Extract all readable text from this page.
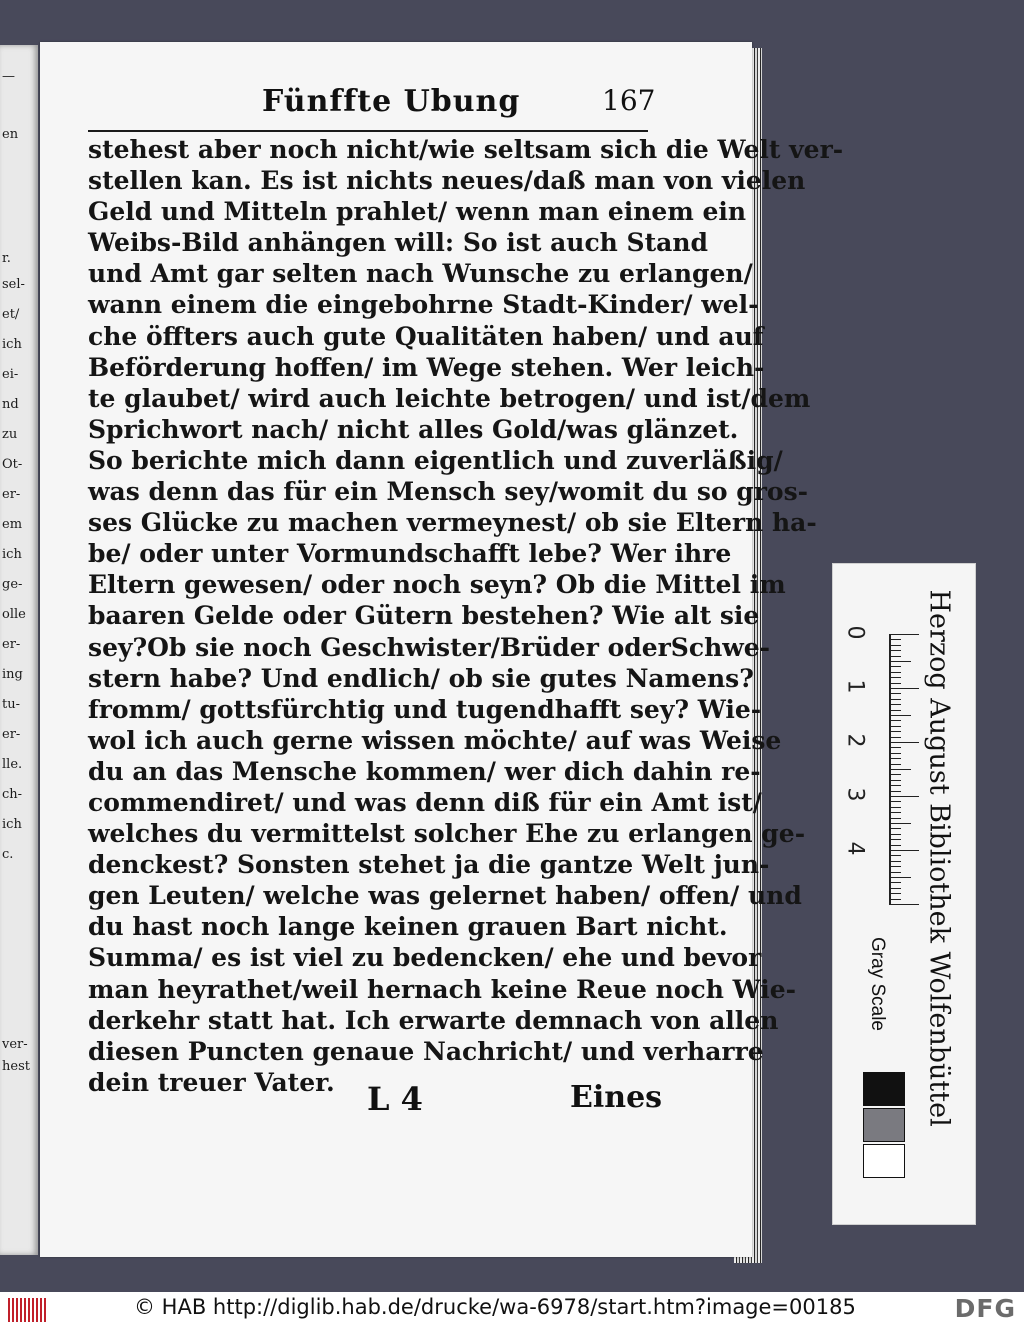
—
en
r.
sel-
et/
ich
ei-
nd
zu
Ot-
er-
em
ich
ge-
olle
er-
ing
tu-
er-
lle.
ch-
ich
c.
ver-
hest
Fünffte Ubung	167
stehest aber noch nicht/wie seltsam sich die Welt ver-
stellen kan. Es ist nichts neues/daß man von vielen
Geld und Mitteln prahlet/ wenn man einem ein
Weibs-Bild anhängen will: So ist auch Stand
und Amt gar selten nach Wunsche zu erlangen/
wann einem die eingebohrne Stadt-Kinder/ wel-
che öffters auch gute Qualitäten haben/ und auf
Beförderung hoffen/ im Wege stehen. Wer leich-
te glaubet/ wird auch leichte betrogen/ und ist/dem
Sprichwort nach/ nicht alles Gold/was glänzet.
So berichte mich dann eigentlich und zuverläßig/
was denn das für ein Mensch sey/womit du so gros-
ses Glücke zu machen vermeynest/ ob sie Eltern ha-
be/ oder unter Vormundschafft lebe? Wer ihre
Eltern gewesen/ oder noch seyn? Ob die Mittel im
baaren Gelde oder Gütern bestehen? Wie alt sie
sey?Ob sie noch Geschwister/Brüder oderSchwe-
stern habe? Und endlich/ ob sie gutes Namens?
fromm/ gottsfürchtig und tugendhafft sey? Wie-
wol ich auch gerne wissen möchte/ auf was Weise
du an das Mensche kommen/ wer dich dahin re-
commendiret/ und was denn diß für ein Amt ist/
welches du vermittelst solcher Ehe zu erlangen ge-
denckest? Sonsten stehet ja die gantze Welt jun-
gen Leuten/ welche was gelernet haben/ offen/ und
du hast noch lange keinen grauen Bart nicht.
Summa/ es ist viel zu bedencken/ ehe und bevor
man heyrathet/weil hernach keine Reue noch Wie-
derkehr statt hat. Ich erwarte demnach von allen
diesen Puncten genaue Nachricht/ und verharre
dein treuer Vater.	L 4	Eines
0
1
2
3
4 Herzog August Bibliothek Wolfenbüttel
Gray Scale
© HAB http://diglib.hab.de/drucke/wa-6978/start.htm?image=00185	DFG
